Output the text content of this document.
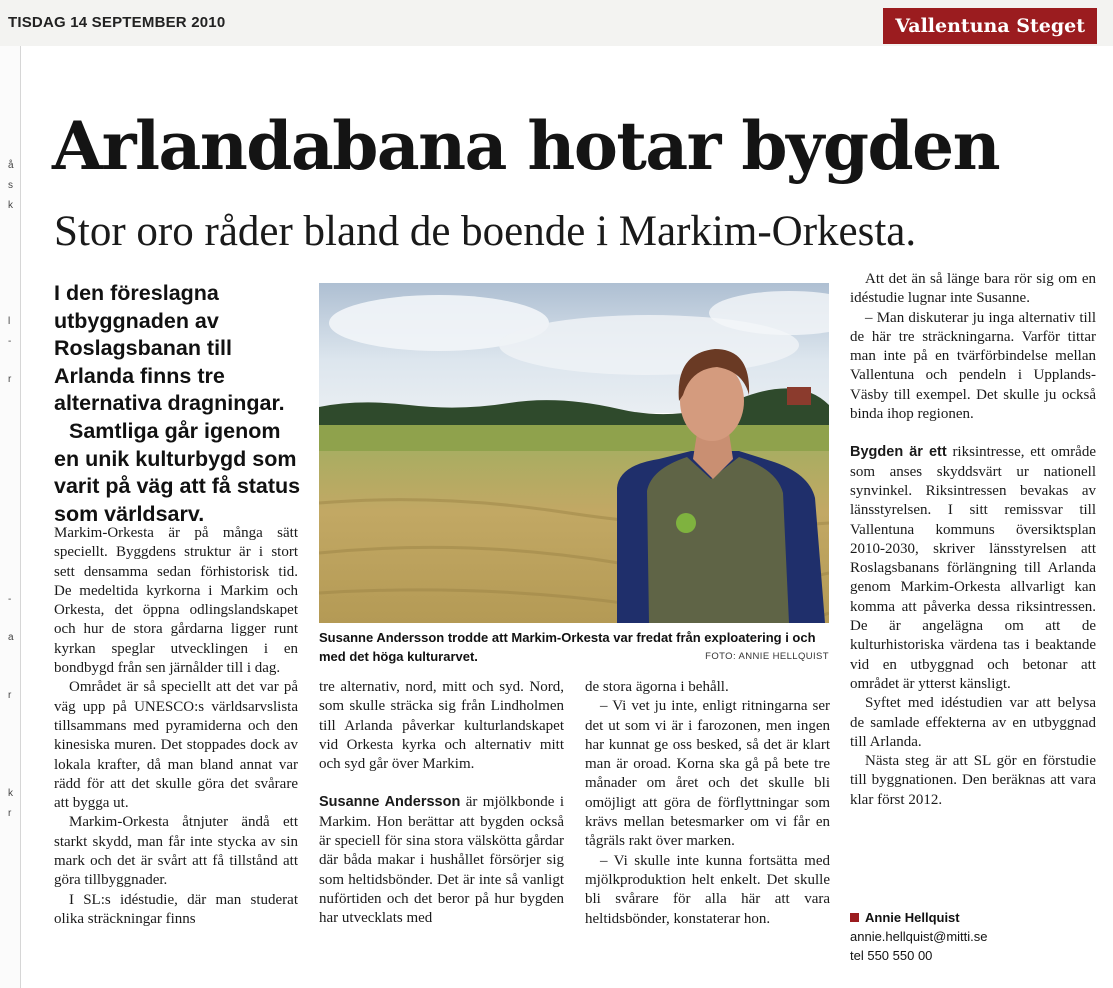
TISDAG 14 SEPTEMBER 2010	Vallentuna Steget
å
s
k
l
-
r
-
a
r
k
r
Arlandabana hotar bygden
Stor oro råder bland de boende i Markim-Orkesta.

I den föreslagna utbyggnaden av Roslagsbanan till Arlanda finns tre alternativa dragningar.
Samtliga går igenom en unik kulturbygd som varit på väg att få status som världsarv.

Susanne Andersson trodde att Markim-Orkesta var fredat från exploatering i och med det höga kulturarvet.	FOTO: ANNIE HELLQUIST

Markim-Orkesta är på många sätt speciellt. Byggdens struktur är i stort sett densamma sedan förhistorisk tid. De medeltida kyrkorna i Markim och Orkesta, det öppna odlingslandskapet och hur de stora gårdarna ligger runt kyrkan speglar utvecklingen i en bondbygd från sen järnålder till i dag.

Området är så speciellt att det var på väg upp på UNESCO:s världsarvslista tillsammans med pyramiderna och den kinesiska muren. Det stoppades dock av lokala krafter, då man bland annat var rädd för att det skulle göra det svårare att bygga ut.

Markim-Orkesta åtnjuter ändå ett starkt skydd, man får inte stycka av sin mark och det är svårt att få tillstånd att göra tillbyggnader.

I SL:s idéstudie, där man studerat olika sträckningar finns

tre alternativ, nord, mitt och syd. Nord, som skulle sträcka sig från Lindholmen till Arlanda påverkar kulturlandskapet vid Orkesta kyrka och alternativ mitt och syd går över Markim.

Susanne Andersson är mjölkbonde i Markim. Hon berättar att bygden också är speciell för sina stora välskötta gårdar där båda makar i hushållet försörjer sig som heltidsbönder. Det är inte så vanligt nuförtiden och det beror på hur bygden har utvecklats med

de stora ägorna i behåll.

– Vi vet ju inte, enligt ritningarna ser det ut som vi är i farozonen, men ingen har kunnat ge oss besked, så det är klart man är oroad. Korna ska gå på bete tre månader om året och det skulle bli omöjligt att göra de förflyttningar som krävs mellan betesmarker om vi får en tågräls rakt över marken.

– Vi skulle inte kunna fortsätta med mjölkproduktion helt enkelt. Det skulle bli svårare för alla här att vara heltidsbönder, konstaterar hon.

Att det än så länge bara rör sig om en idéstudie lugnar inte Susanne.

– Man diskuterar ju inga alternativ till de här tre sträckningarna. Varför tittar man inte på en tvärförbindelse mellan Vallentuna och pendeln i Upplands-Väsby till exempel. Det skulle ju också binda ihop regionen.

Bygden är ett riksintresse, ett område som anses skyddsvärt ur nationell synvinkel. Riksintressen bevakas av länsstyrelsen. I sitt remissvar till Vallentuna kommuns översiktsplan 2010-2030, skriver länsstyrelsen att Roslagsbanans förlängning till Arlanda genom Markim-Orkesta allvarligt kan komma att påverka dessa riksintressen. De är angelägna om att de kulturhistoriska värdena tas i beaktande vid en utbyggnad och betonar att området är ytterst känsligt.

Syftet med idéstudien var att belysa de samlade effekterna av en utbyggnad till Arlanda.

Nästa steg är att SL gör en förstudie till byggnationen. Den beräknas att vara klar först 2012.

Annie Hellquist
annie.hellquist@mitti.se
tel 550 550 00
